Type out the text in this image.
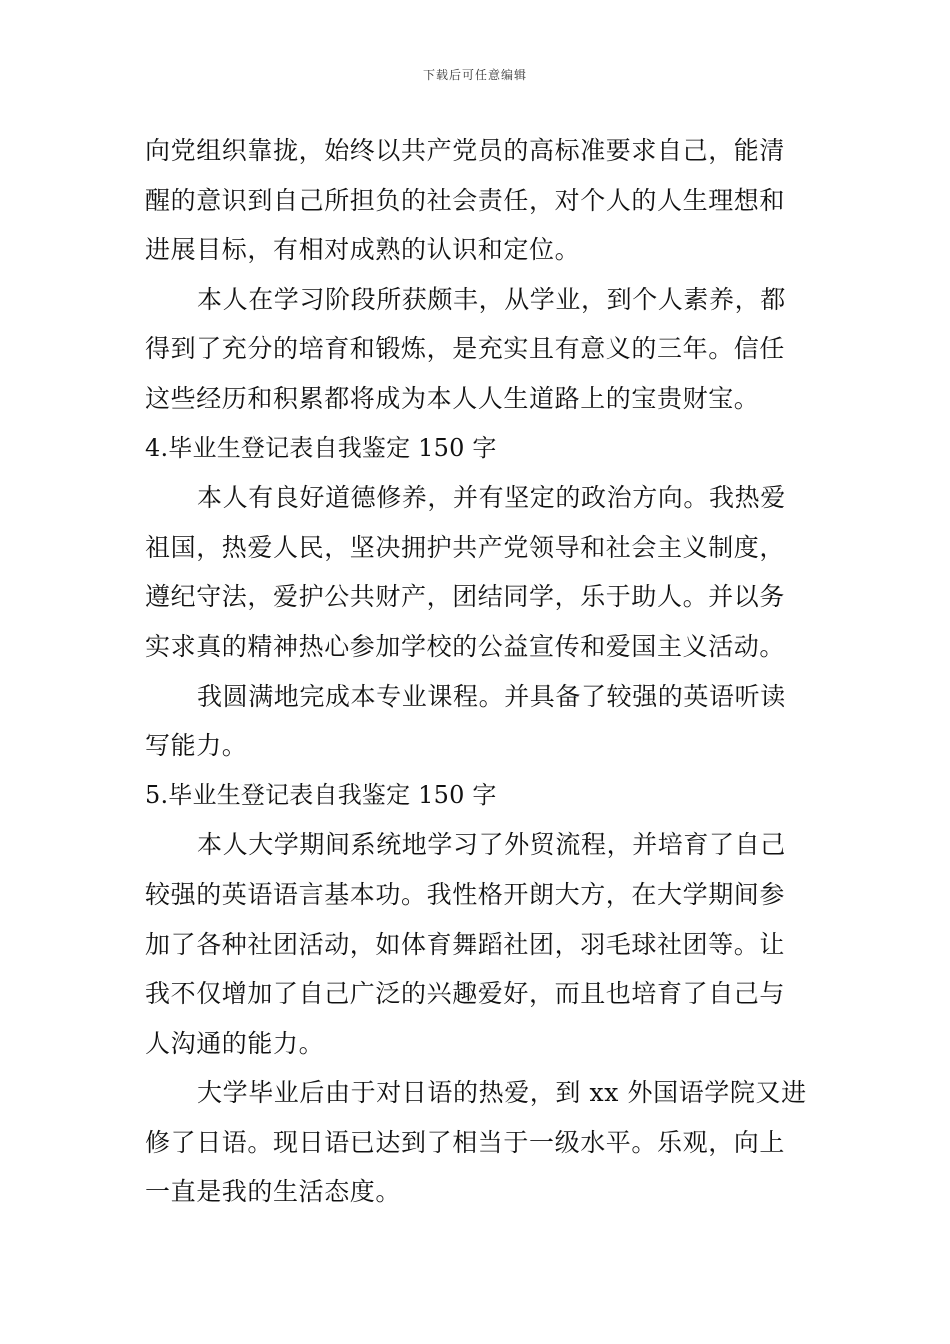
下载后可任意编辑
向党组织靠拢，始终以共产党员的高标准要求自己，能清
醒的意识到自己所担负的社会责任，对个人的人生理想和
进展目标，有相对成熟的认识和定位。
本人在学习阶段所获颇丰，从学业，到个人素养，都
得到了充分的培育和锻炼，是充实且有意义的三年。信任
这些经历和积累都将成为本人人生道路上的宝贵财宝。
4.毕业生登记表自我鉴定 150 字
本人有良好道德修养，并有坚定的政治方向。我热爱
祖国，热爱人民，坚决拥护共产党领导和社会主义制度，
遵纪守法，爱护公共财产，团结同学，乐于助人。并以务
实求真的精神热心参加学校的公益宣传和爱国主义活动。
我圆满地完成本专业课程。并具备了较强的英语听读
写能力。
5.毕业生登记表自我鉴定 150 字
本人大学期间系统地学习了外贸流程，并培育了自己
较强的英语语言基本功。我性格开朗大方，在大学期间参
加了各种社团活动，如体育舞蹈社团，羽毛球社团等。让
我不仅增加了自己广泛的兴趣爱好，而且也培育了自己与
人沟通的能力。
大学毕业后由于对日语的热爱，到 xx 外国语学院又进
修了日语。现日语已达到了相当于一级水平。乐观，向上
一直是我的生活态度。
